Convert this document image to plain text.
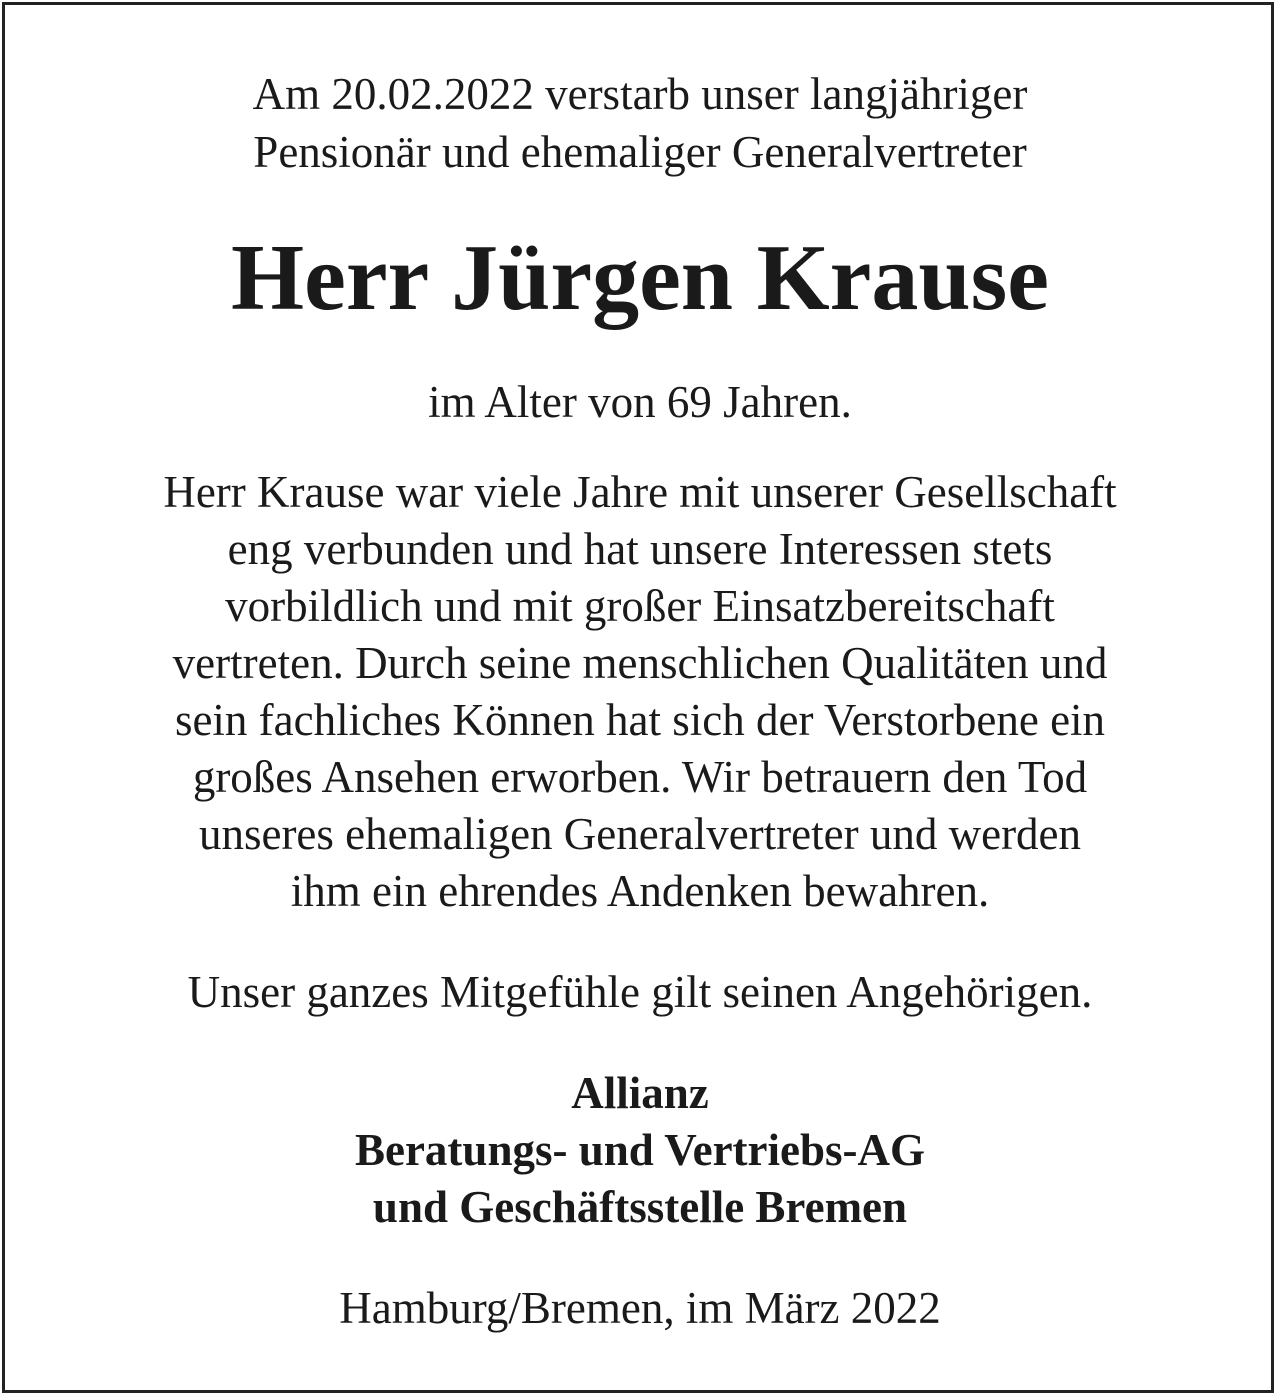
Am 20.02.2022 verstarb unser langjähriger
Pensionär und ehemaliger Generalvertreter
Herr Jürgen Krause
im Alter von 69 Jahren.
Herr Krause war viele Jahre mit unserer Gesellschaft
eng verbunden und hat unsere Interessen stets
vorbildlich und mit großer Einsatzbereitschaft
vertreten. Durch seine menschlichen Qualitäten und
sein fachliches Können hat sich der Verstorbene ein
großes Ansehen erworben. Wir betrauern den Tod
unseres ehemaligen Generalvertreter und werden
ihm ein ehrendes Andenken bewahren.
Unser ganzes Mitgefühle gilt seinen Angehörigen.
Allianz
Beratungs- und Vertriebs-AG
und Geschäftsstelle Bremen
Hamburg/Bremen, im März 2022
